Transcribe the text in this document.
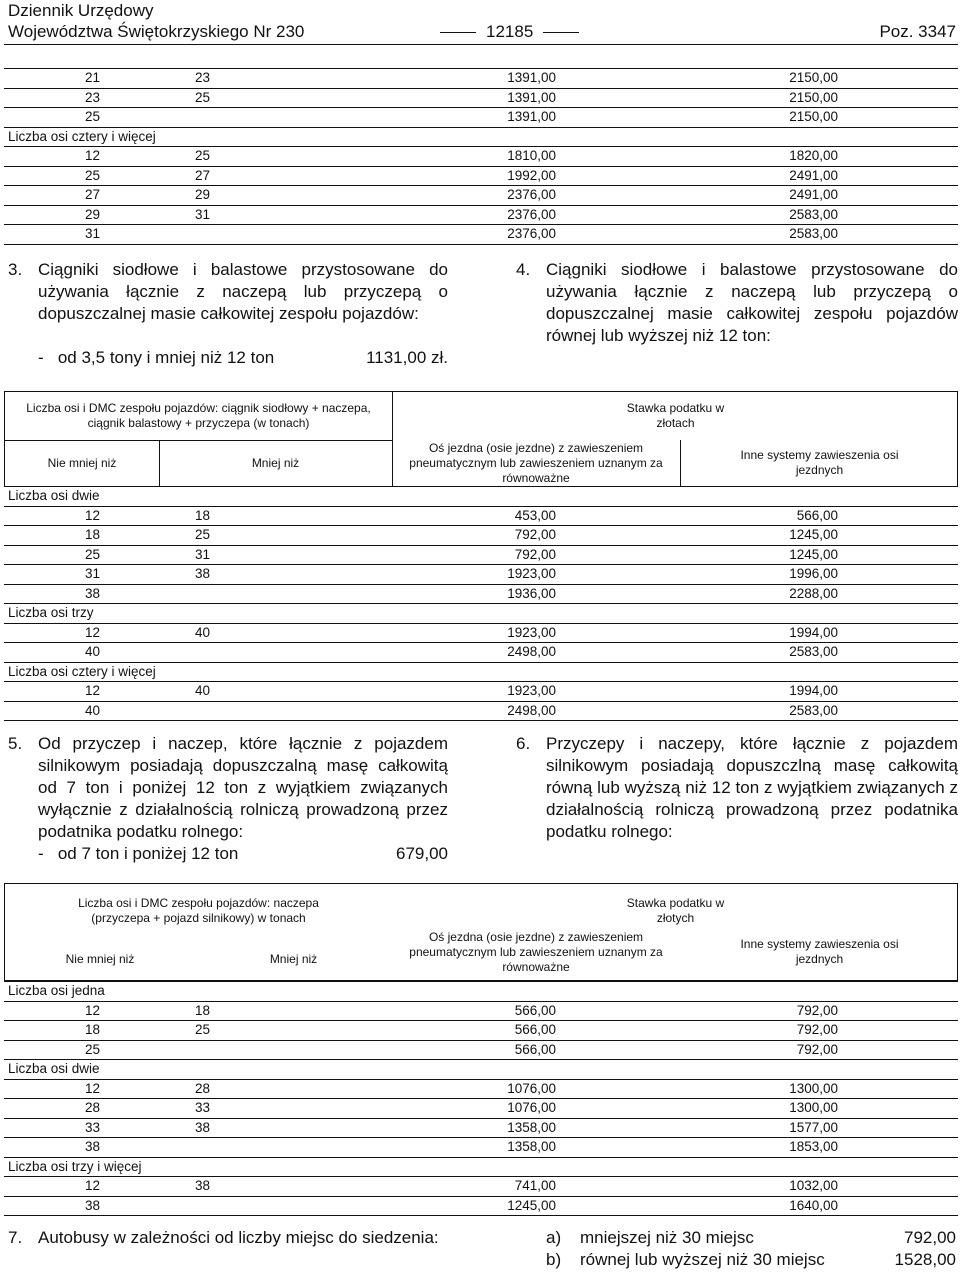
Dziennik Urzędowy
Województwa Świętokrzyskiego Nr 230	12185	Poz. 3347
21	23	1391,00	2150,00
23	25	1391,00	2150,00
25		1391,00	2150,00
Liczba osi cztery i więcej			
12	25	1810,00	1820,00
25	27	1992,00	2491,00
27	29	2376,00	2491,00
29	31	2376,00	2583,00
31		2376,00	2583,00
3. Ciągniki siodłowe i balastowe przystosowane do używania łącznie z naczepą lub przyczepą o dopuszczalnej masie całkowitej zespołu pojazdów:

-   od 3,5 tony i mniej niż 12 ton	1131,00 zł.
4. Ciągniki siodłowe i balastowe przystosowane do używania łącznie z naczepą lub przyczepą o dopuszczalnej masie całkowitej zespołu pojazdów równej lub wyższej niż 12 ton:

Liczba osi i DMC zespołu pojazdów: ciągnik siodłowy + naczepa, ciągnik balastowy + przyczepa (w tonach)
Nie mniej niż	Mniej niż
Stawka podatku w złotach
Oś jezdna (osie jezdne) z zawieszeniem pneumatycznym lub zawieszeniem uznanym za równoważne
Inne systemy zawieszenia osi jezdnych
Liczba osi dwie			
12	18	453,00	566,00
18	25	792,00	1245,00
25	31	792,00	1245,00
31	38	1923,00	1996,00
38		1936,00	2288,00
Liczba osi trzy			
12	40	1923,00	1994,00
40		2498,00	2583,00
Liczba osi cztery i więcej			
12	40	1923,00	1994,00
40		2498,00	2583,00
5. Od przyczep i naczep, które łącznie z pojazdem silnikowym posiadają dopuszczalną masę całkowitą od 7 ton i poniżej 12 ton z wyjątkiem związanych wyłącznie z działalnością rolniczą prowadzoną przez podatnika podatku rolnego:

-   od 7 ton i poniżej 12 ton	679,00
6. Przyczepy i naczepy, które łącznie z pojazdem silnikowym posiadają dopuszczlną masę całkowitą równą lub wyższą niż 12 ton z wyjątkiem związanych z działalnością rolniczą prowadzoną przez podatnika podatku rolnego:

Liczba osi i DMC zespołu pojazdów: naczepa (przyczepa + pojazd silnikowy) w tonach
Nie mniej niż	Mniej niż
Stawka podatku w złotych
Oś jezdna (osie jezdne) z zawieszeniem pneumatycznym lub zawieszeniem uznanym za równoważne
Inne systemy zawieszenia osi jezdnych
Liczba osi jedna			
12	18	566,00	792,00
18	25	566,00	792,00
25		566,00	792,00
Liczba osi dwie			
12	28	1076,00	1300,00
28	33	1076,00	1300,00
33	38	1358,00	1577,00
38		1358,00	1853,00
Liczba osi trzy i więcej			
12	38	741,00	1032,00
38		1245,00	1640,00
7. Autobusy w zależności od liczby miejsc do siedzenia:	a) mniejszej niż 30 miejsc	792,00
b) równej lub wyższej niż 30 miejsc	1528,00
